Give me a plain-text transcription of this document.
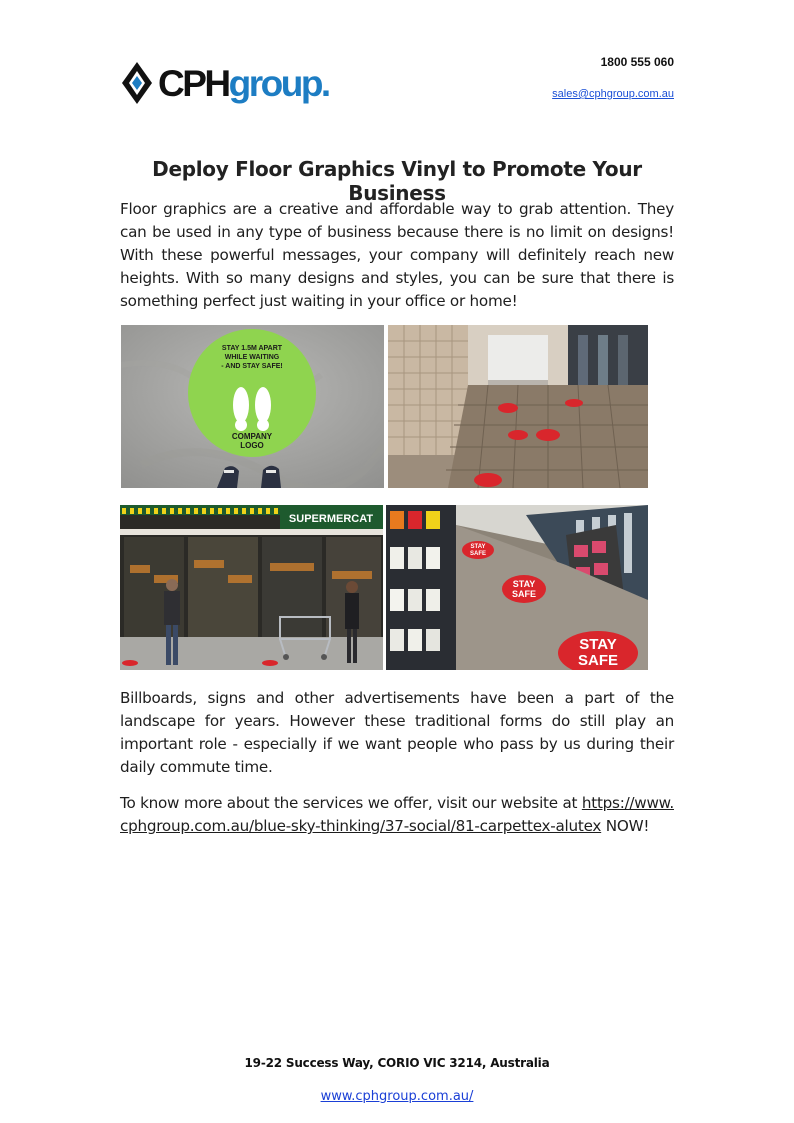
CPHgroup.
1800 555 060
sales@cphgroup.com.au
Deploy Floor Graphics Vinyl to Promote Your Business

Floor graphics are a creative and affordable way to grab attention. They can be used in any type of business because there is no limit on designs! With these powerful messages, your company will definitely reach new heights. With so many designs and styles, you can be sure that there is something perfect just waiting in your office or home!

STAY 1.5M APART
WHILE WAITING
- AND STAY SAFE!
COMPANY
LOGO
SUPERMERCAT
STAY
SAFE
STAY
SAFE
STAY
SAFE

Billboards, signs and other advertisements have been a part of the landscape for years. However these traditional forms do still play an important role - especially if we want people who pass by us during their daily commute time.

To know more about the services we offer, visit our website at https://www.cphgroup.com.au/blue-sky-thinking/37-social/81-carpettex-alutex NOW!

19-22 Success Way, CORIO VIC 3214, Australia
www.cphgroup.com.au/
